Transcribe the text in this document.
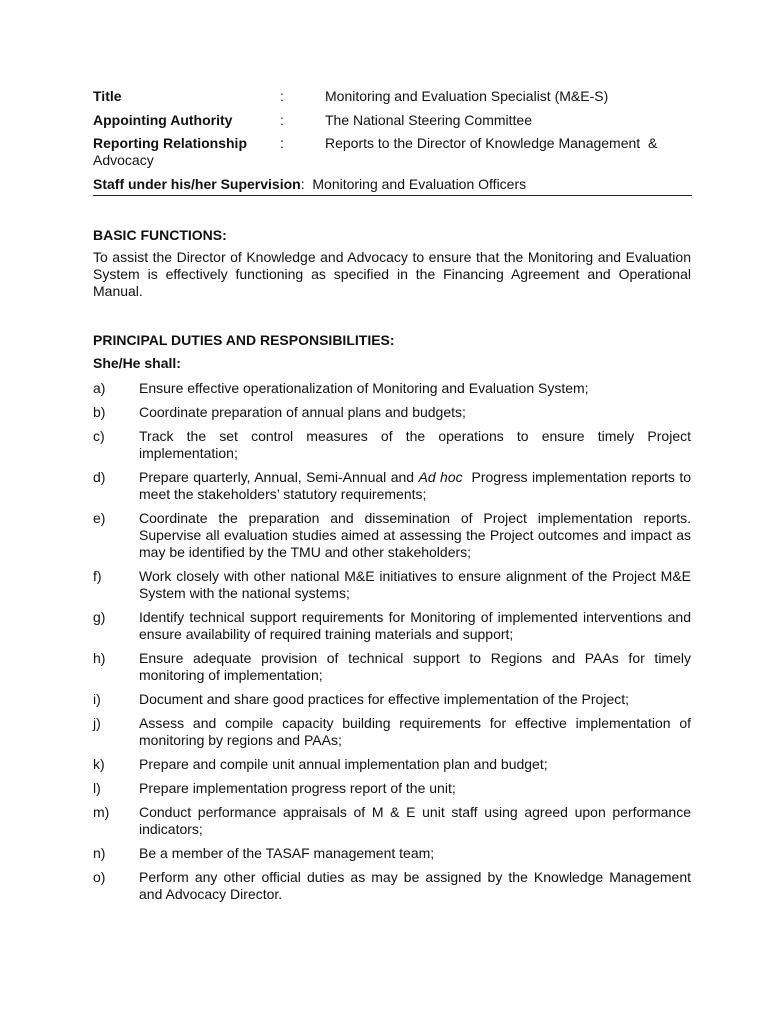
Title	:	Monitoring and Evaluation Specialist (M&E-S)
Appointing Authority	:	The National Steering Committee
Reporting Relationship :	Reports to the Director of Knowledge Management  &
Advocacy
Staff under his/her Supervision: Monitoring and Evaluation Officers
BASIC FUNCTIONS:
To assist the Director of Knowledge and Advocacy to ensure that the Monitoring and Evaluation System is effectively functioning as specified in the Financing Agreement and Operational Manual.
PRINCIPAL DUTIES AND RESPONSIBILITIES:
She/He shall:
a)	Ensure effective operationalization of Monitoring and Evaluation System;
b)	Coordinate preparation of annual plans and budgets;
c)	Track the set control measures of the operations to ensure timely Project implementation;
d)	Prepare quarterly, Annual, Semi-Annual and Ad hoc  Progress implementation reports to meet the stakeholders’ statutory requirements;
e)	Coordinate the preparation and dissemination of Project implementation reports. Supervise all evaluation studies aimed at assessing the Project outcomes and impact as may be identified by the TMU and other stakeholders;
f)	Work closely with other national M&E initiatives to ensure alignment of the Project M&E System with the national systems;
g)	Identify technical support requirements for Monitoring of implemented interventions and ensure availability of required training materials and support;
h)	Ensure adequate provision of technical support to Regions and PAAs for timely monitoring of implementation;
i)	Document and share good practices for effective implementation of the Project;
j)	Assess and compile capacity building requirements for effective implementation of monitoring by regions and PAAs;
k)	Prepare and compile unit annual implementation plan and budget;
l)	Prepare implementation progress report of the unit;
m)	Conduct performance appraisals of M & E unit staff using agreed upon performance indicators;
n)	Be a member of the TASAF management team;
o)	Perform any other official duties as may be assigned by the Knowledge Management and Advocacy Director.
